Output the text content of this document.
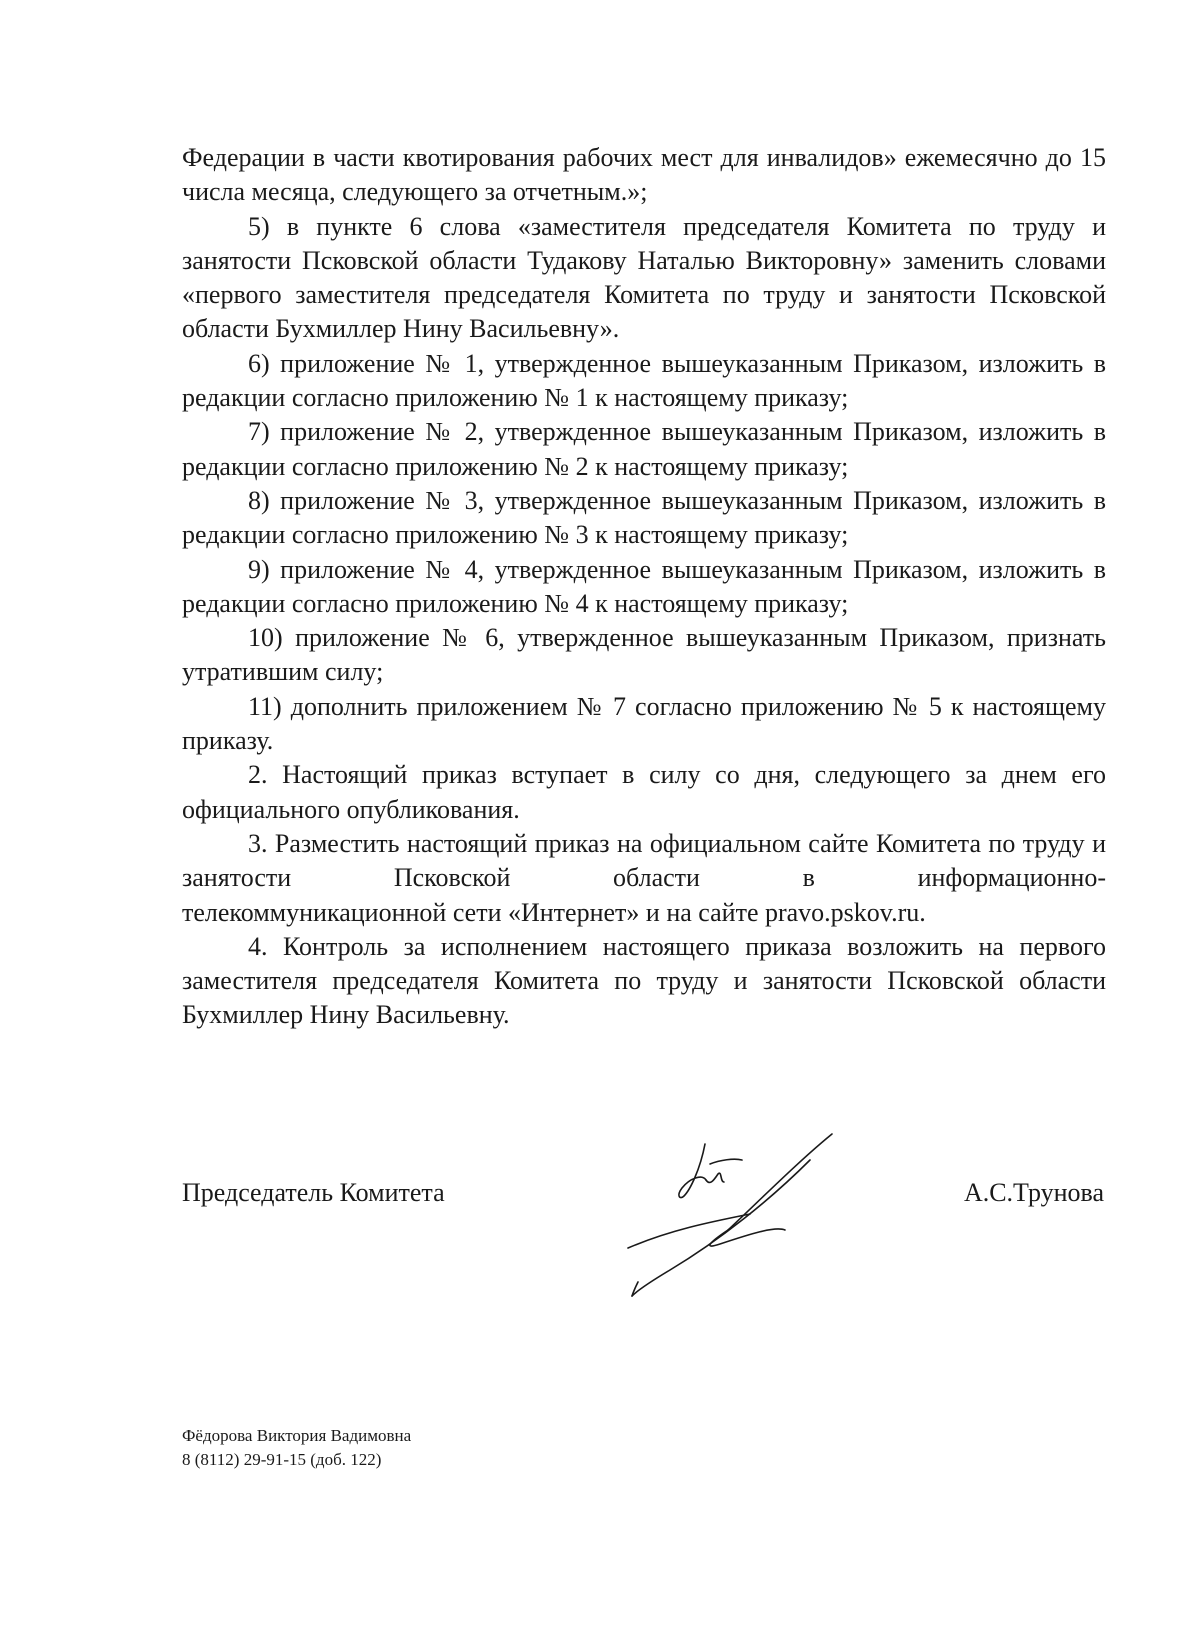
Федерации в части квотирования рабочих мест для инвалидов» ежемесячно до 15 числа месяца, следующего за отчетным.»;

5) в пункте 6 слова «заместителя председателя Комитета по труду и занятости Псковской области Тудакову Наталью Викторовну» заменить словами «первого заместителя председателя Комитета по труду и занятости Псковской области Бухмиллер Нину Васильевну».

6) приложение № 1, утвержденное вышеуказанным Приказом, изложить в редакции согласно приложению № 1 к настоящему приказу;

7) приложение № 2, утвержденное вышеуказанным Приказом, изложить в редакции согласно приложению № 2 к настоящему приказу;

8) приложение № 3, утвержденное вышеуказанным Приказом, изложить в редакции согласно приложению № 3 к настоящему приказу;

9) приложение № 4, утвержденное вышеуказанным Приказом, изложить в редакции согласно приложению № 4 к настоящему приказу;

10) приложение № 6, утвержденное вышеуказанным Приказом, признать утратившим силу;

11) дополнить приложением № 7 согласно приложению № 5 к настоящему приказу.

2. Настоящий приказ вступает в силу со дня, следующего за днем его официального опубликования.

3. Разместить настоящий приказ на официальном сайте Комитета по труду и занятости Псковской области в информационно-

телекоммуникационной сети «Интернет» и на сайте pravo.pskov.ru.

4. Контроль за исполнением настоящего приказа возложить на первого заместителя председателя Комитета по труду и занятости Псковской области Бухмиллер Нину Васильевну.

Председатель Комитета	А.С.Трунова
Фёдорова Виктория Вадимовна
8 (8112) 29-91-15 (доб. 122)
